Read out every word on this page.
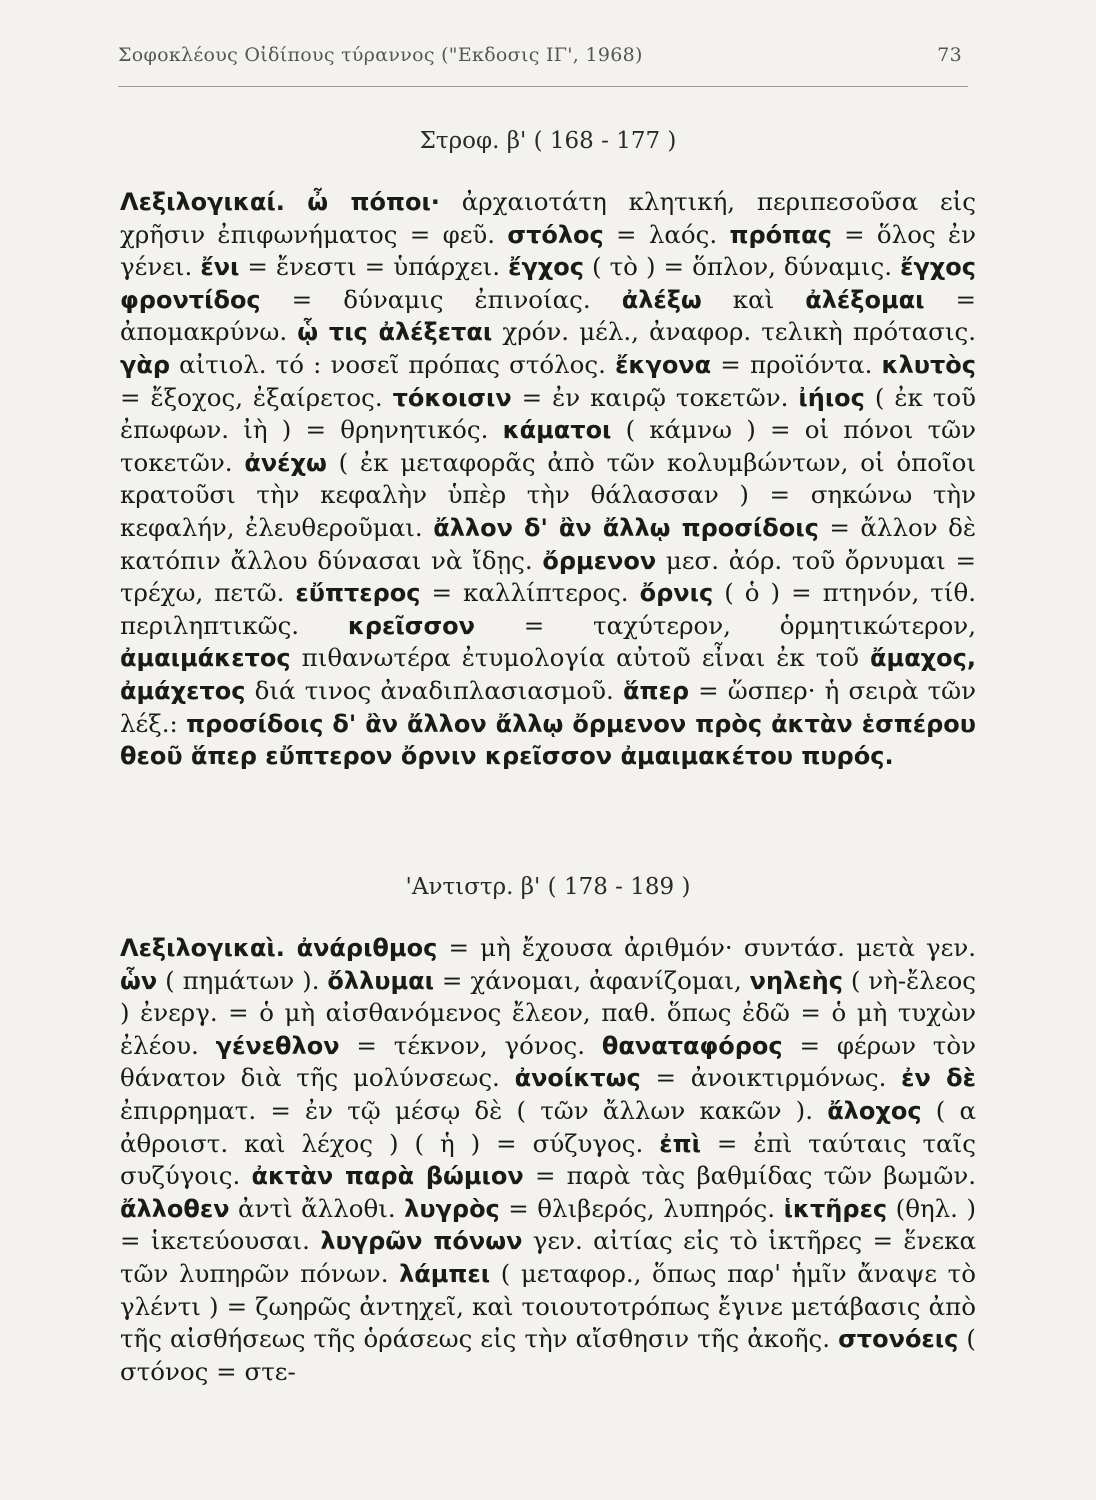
Σοφοκλέους Οἰδίπους τύραννος ("Εκδοσις ΙΓ', 1968)	73
Στροφ. β' ( 168 - 177 )
Λεξιλογικαί. ὦ πόποι· ἀρχαιοτάτη κλητική, περιπεσοῦσα εἰς χρῆσιν ἐπιφωνήματος = φεῦ. στόλος = λαός. πρόπας = ὅλος ἐν γένει. ἔνι = ἔνεστι = ὑπάρχει. ἔγχος ( τὸ ) = ὅπλον, δύναμις. ἔγχος φροντίδος = δύναμις ἐπινοίας. ἀλέξω καὶ ἀλέξομαι = ἀπομακρύνω. ᾧ τις ἀλέξεται χρόν. μέλ., ἀναφορ. τελικὴ πρότασις. γὰρ αἰτιολ. τό : νοσεῖ πρόπας στόλος. ἔκγονα = προϊόντα. κλυτὸς = ἔξοχος, ἐξαίρετος. τόκοισιν = ἐν καιρῷ τοκετῶν. ἰήιος ( ἐκ τοῦ ἐπωφων. ἰὴ ) = θρηνητικός. κάματοι ( κάμνω ) = οἱ πόνοι τῶν τοκετῶν. ἀνέχω ( ἐκ μεταφορᾶς ἀπὸ τῶν κολυμβώντων, οἱ ὁποῖοι κρατοῦσι τὴν κεφαλὴν ὑπὲρ τὴν θάλασσαν ) = σηκώνω τὴν κεφαλήν, ἐλευθεροῦμαι. ἄλλον δ' ἂν ἄλλῳ προσίδοις = ἄλλον δὲ κατόπιν ἄλλου δύνασαι νὰ ἴδῃς. ὄρμενον μεσ. ἀόρ. τοῦ ὄρνυμαι = τρέχω, πετῶ. εὔπτερος = καλλίπτερος. ὄρνις ( ὁ ) = πτηνόν, τίθ. περιληπτικῶς. κρεῖσσον = ταχύτερον, ὁρμητικώτερον, ἀμαιμάκετος πιθανωτέρα ἐτυμολογία αὐτοῦ εἶναι ἐκ τοῦ ἄμαχος, ἀμάχετος διά τινος ἀναδιπλασιασμοῦ. ἅπερ = ὥσπερ· ἡ σειρὰ τῶν λέξ.: προσίδοις δ' ἂν ἄλλον ἄλλῳ ὄρμενον πρὸς ἀκτὰν ἑσπέρου θεοῦ ἅπερ εὔπτερον ὄρνιν κρεῖσσον ἀμαιμακέτου πυρός.
'Αντιστρ. β' ( 178 - 189 )
Λεξιλογικαὶ. ἀνάριθμος = μὴ ἔχουσα ἀριθμόν· συντάσ. μετὰ γεν. ὧν ( πημάτων ). ὄλλυμαι = χάνομαι, ἀφανίζομαι, νηλεὴς ( νὴ-ἔλεος ) ἐνεργ. = ὁ μὴ αἰσθανόμενος ἔλεον, παθ. ὅπως ἐδῶ = ὁ μὴ τυχὼν ἐλέου. γένεθλον = τέκνον, γόνος. θαναταφόρος = φέρων τὸν θάνατον διὰ τῆς μολύνσεως. ἀνοίκτως = ἀνοικτιρμόνως. ἐν δὲ ἐπιρρηματ. = ἐν τῷ μέσῳ δὲ ( τῶν ἄλλων κακῶν ). ἄλοχος ( α ἀθροιστ. καὶ λέχος ) ( ἡ ) = σύζυγος. ἐπὶ = ἐπὶ ταύταις ταῖς συζύγοις. ἀκτὰν παρὰ βώμιον = παρὰ τὰς βαθμίδας τῶν βωμῶν. ἄλλοθεν ἀντὶ ἄλλοθι. λυγρὸς = θλιβερός, λυπηρός. ἱκτῆρες (θηλ. ) = ἱκετεύουσαι. λυγρῶν πόνων γεν. αἰτίας εἰς τὸ ἱκτῆρες = ἕνεκα τῶν λυπηρῶν πόνων. λάμπει ( μεταφορ., ὅπως παρ' ἡμῖν ἄναψε τὸ γλέντι ) = ζωηρῶς ἀντηχεῖ, καὶ τοιουτοτρόπως ἔγινε μετάβασις ἀπὸ τῆς αἰσθήσεως τῆς ὁράσεως εἰς τὴν αἴσθησιν τῆς ἀκοῆς. στονόεις ( στόνος = στε-
